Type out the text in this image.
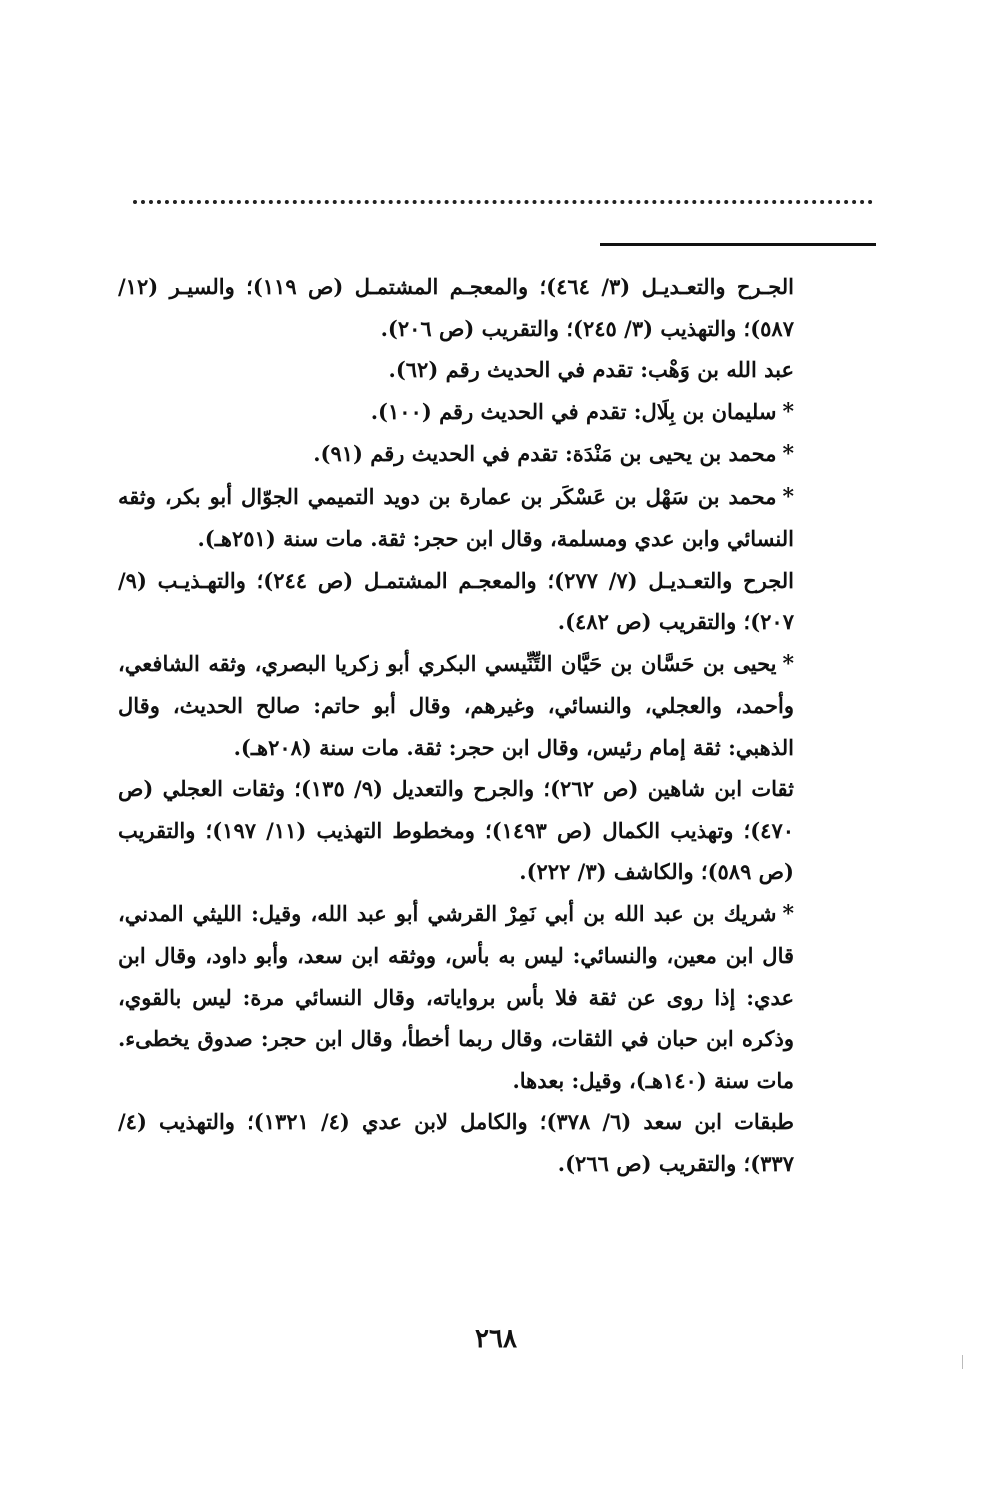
الجـرح والتعـديـل (٣/ ٤٦٤)؛ والمعجـم المشتمـل (ص ١١٩)؛ والسيـر (١٢/ ٥٨٧)؛ والتهذيب (٣/ ٢٤٥)؛ والتقريب (ص ٢٠٦).

عبد الله بن وَهْب: تقدم في الحديث رقم (٦٢).

*سليمان بن بِلَال: تقدم في الحديث رقم (١٠٠).

*محمد بن يحيى بن مَنْدَة: تقدم في الحديث رقم (٩١).

*محمد بن سَهْل بن عَسْكَر بن عمارة بن دويد التميمي الجوّال أبو بكر، وثقه النسائي وابن عدي ومسلمة، وقال ابن حجر: ثقة. مات سنة (٢٥١هـ).

الجرح والتعـديـل (٧/ ٢٧٧)؛ والمعجـم المشتمـل (ص ٢٤٤)؛ والتهـذيـب (٩/ ٢٠٧)؛ والتقريب (ص ٤٨٢).

*يحيى بن حَسَّان بن حَيَّان التِّنِّيسي البكري أبو زكريا البصري، وثقه الشافعي، وأحمد، والعجلي، والنسائي، وغيرهم، وقال أبو حاتم: صالح الحديث، وقال الذهبي: ثقة إمام رئيس، وقال ابن حجر: ثقة. مات سنة (٢٠٨هـ).

ثقات ابن شاهين (ص ٢٦٢)؛ والجرح والتعديل (٩/ ١٣٥)؛ وثقات العجلي (ص ٤٧٠)؛ وتهذيب الكمال (ص ١٤٩٣)؛ ومخطوط التهذيب (١١/ ١٩٧)؛ والتقريب (ص ٥٨٩)؛ والكاشف (٣/ ٢٢٢).

*شريك بن عبد الله بن أبي نَمِرْ القرشي أبو عبد الله، وقيل: الليثي المدني، قال ابن معين، والنسائي: ليس به بأس، ووثقه ابن سعد، وأبو داود، وقال ابن عدي: إذا روى عن ثقة فلا بأس برواياته، وقال النسائي مرة: ليس بالقوي، وذكره ابن حبان في الثقات، وقال ربما أخطأ، وقال ابن حجر: صدوق يخطىء. مات سنة (١٤٠هـ)، وقيل: بعدها.

طبقات ابن سعد (٦/ ٣٧٨)؛ والكامل لابن عدي (٤/ ١٣٢١)؛ والتهذيب (٤/ ٣٣٧)؛ والتقريب (ص ٢٦٦).

٢٦٨
